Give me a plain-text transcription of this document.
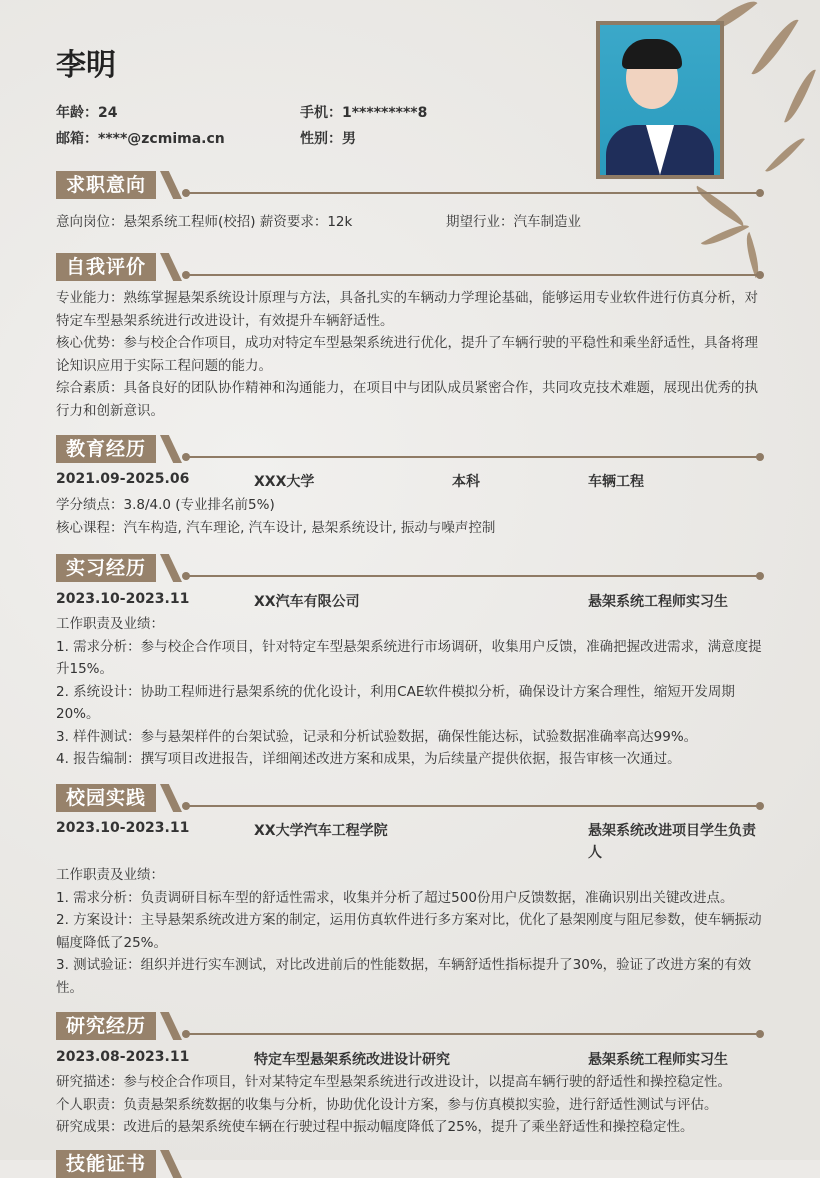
李明
年龄：24	手机：1*********8
邮箱：****@zcmima.cn	性别：男
求职意向
意向岗位：悬架系统工程师(校招) 薪资要求：12k	期望行业：汽车制造业
自我评价
专业能力：熟练掌握悬架系统设计原理与方法，具备扎实的车辆动力学理论基础，能够运用专业软件进行仿真分析，对特定车型悬架系统进行改进设计，有效提升车辆舒适性。
核心优势：参与校企合作项目，成功对特定车型悬架系统进行优化，提升了车辆行驶的平稳性和乘坐舒适性，具备将理论知识应用于实际工程问题的能力。
综合素质：具备良好的团队协作精神和沟通能力，在项目中与团队成员紧密合作，共同攻克技术难题，展现出优秀的执行力和创新意识。
教育经历
2021.09-2025.06	XXX大学	本科	车辆工程
学分绩点：3.8/4.0 (专业排名前5%)
核心课程：汽车构造, 汽车理论, 汽车设计, 悬架系统设计, 振动与噪声控制
实习经历
2023.10-2023.11	XX汽车有限公司	悬架系统工程师实习生
工作职责及业绩：
1. 需求分析：参与校企合作项目，针对特定车型悬架系统进行市场调研，收集用户反馈，准确把握改进需求，满意度提升15%。
2. 系统设计：协助工程师进行悬架系统的优化设计，利用CAE软件模拟分析，确保设计方案合理性，缩短开发周期20%。
3. 样件测试：参与悬架样件的台架试验，记录和分析试验数据，确保性能达标，试验数据准确率高达99%。
4. 报告编制：撰写项目改进报告，详细阐述改进方案和成果，为后续量产提供依据，报告审核一次通过。
校园实践
2023.10-2023.11	XX大学汽车工程学院	悬架系统改进项目学生负责人
工作职责及业绩：
1. 需求分析：负责调研目标车型的舒适性需求，收集并分析了超过500份用户反馈数据，准确识别出关键改进点。
2. 方案设计：主导悬架系统改进方案的制定，运用仿真软件进行多方案对比，优化了悬架刚度与阻尼参数，使车辆振动幅度降低了25%。
3. 测试验证：组织并进行实车测试，对比改进前后的性能数据，车辆舒适性指标提升了30%，验证了改进方案的有效性。
研究经历
2023.08-2023.11	特定车型悬架系统改进设计研究	悬架系统工程师实习生
研究描述：参与校企合作项目，针对某特定车型悬架系统进行改进设计，以提高车辆行驶的舒适性和操控稳定性。
个人职责：负责悬架系统数据的收集与分析，协助优化设计方案，参与仿真模拟实验，进行舒适性测试与评估。
研究成果：改进后的悬架系统使车辆在行驶过程中振动幅度降低了25%，提升了乘坐舒适性和操控稳定性。
技能证书
